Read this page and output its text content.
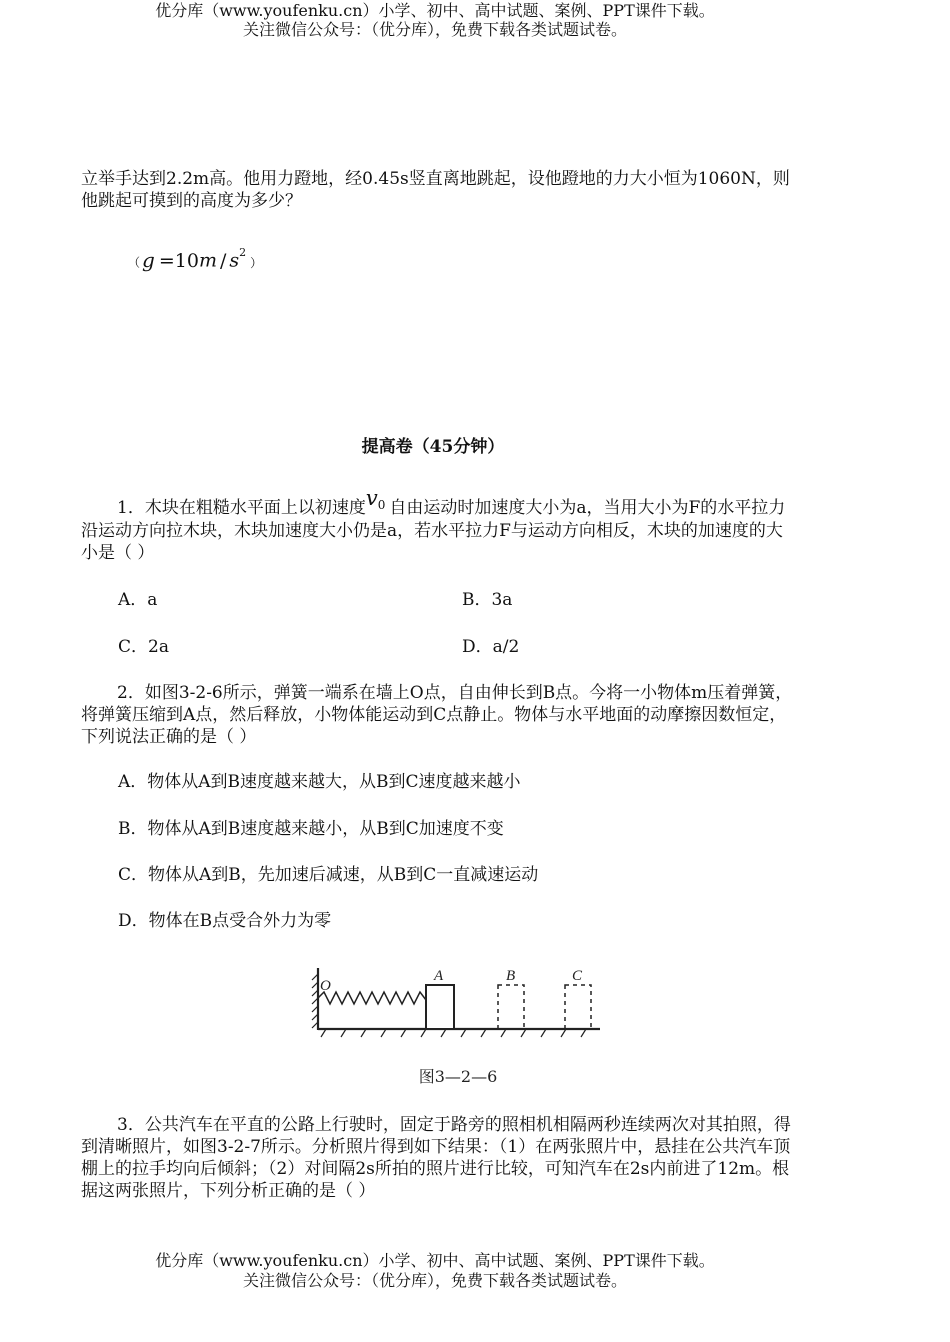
优分库（www.youfenku.cn）小学、初中、高中试题、案例、PPT课件下载。
关注微信公众号：（优分库），免费下载各类试题试卷。
立举手达到2.2m高。他用力蹬地，经0.45s竖直离地跳起，设他蹬地的力大小恒为1060N，则他跳起可摸到的高度为多少？
（ $g =10m / s^2$）
提高卷（45分钟）
1．木块在粗糙水平面上以初速度$v^0$ 自由运动时加速度大小为a，当用大小为F的水平拉力沿运动方向拉木块，木块加速度大小仍是a，若水平拉力F与运动方向相反，木块的加速度的大小是（ ）
A．a	B．3a
C．2a	D．a/2
2．如图3-2-6所示，弹簧一端系在墙上O点，自由伸长到B点。今将一小物体m压着弹簧，将弹簧压缩到A点，然后释放，小物体能运动到C点静止。物体与水平地面的动摩擦因数恒定，下列说法正确的是（ ）
A．物体从A到B速度越来越大，从B到C速度越来越小
B．物体从A到B速度越来越小，从B到C加速度不变
C．物体从A到B，先加速后减速，从B到C一直减速运动
D．物体在B点受合外力为零
O
A	B	C
图3—2—6
3．公共汽车在平直的公路上行驶时，固定于路旁的照相机相隔两秒连续两次对其拍照，得到清晰照片，如图3-2-7所示。分析照片得到如下结果：（1）在两张照片中，悬挂在公共汽车顶棚上的拉手均向后倾斜；（2）对间隔2s所拍的照片进行比较，可知汽车在2s内前进了12m。根据这两张照片，下列分析正确的是（ ）
优分库（www.youfenku.cn）小学、初中、高中试题、案例、PPT课件下载。
关注微信公众号：（优分库），免费下载各类试题试卷。
